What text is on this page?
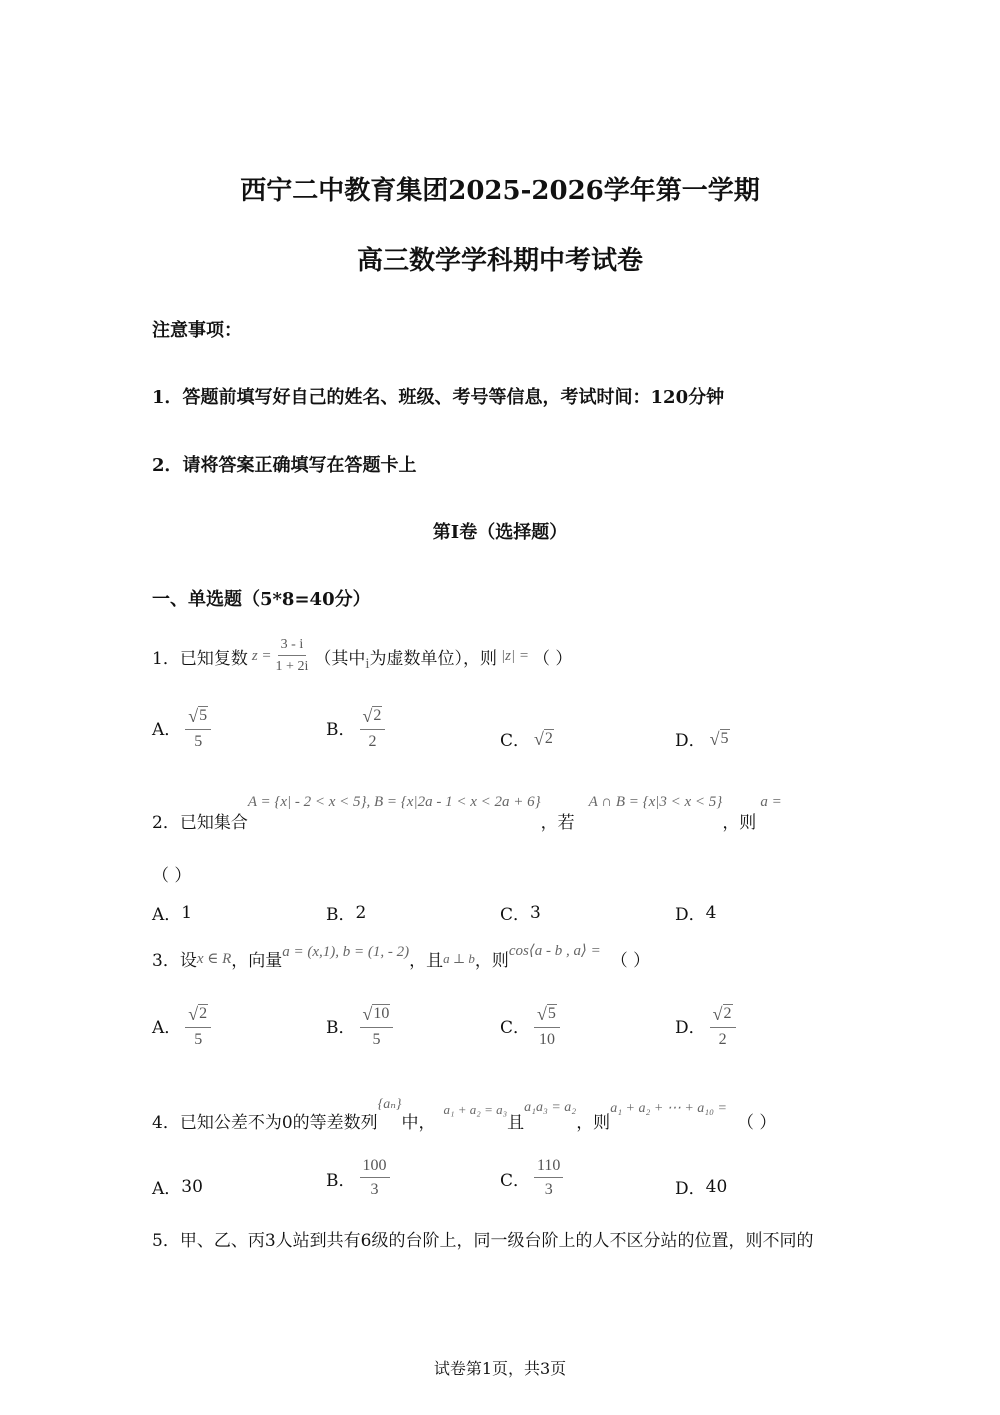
西宁二中教育集团2025-2026学年第一学期
高三数学学科期中考试卷
注意事项：
1．答题前填写好自己的姓名、班级、考号等信息，考试时间：120分钟
2．请将答案正确填写在答题卡上
第I卷（选择题）
一、单选题（5*8=40分）
1．已知复数 $z = \frac{3 - i}{1 + 2i}$ （其中 i 为虚数单位），则 |z| = （ ）
A． $\frac{√ 5}{5}$	B． $\frac{√ 2}{2}$	C． √ 2	D． √ 5
2．已知集合
A = {x| - 2 < x < 5}, B = {x|2a - 1 < x < 2a + 6}
，若
A ∩ B = {x|3 < x < 5}
，则
a =
（ ）
A． 1	B． 2	C． 3	D． 4
3．设 x ∈ R ，向量 a = (x,1), b = (1, - 2) ，且 a ⊥ b ，则 cos⟨a - b , a⟩ = （ ）
A． $\frac{√ 2}{5}$	B． $\frac{√ 10}{5}$	C． $\frac{√ 5}{10}$	D． $\frac{√ 2}{2}$
4．已知公差不为0的等差数列
{aₙ}
中，
a₁ + a₂ = a₃
且
a₁a₃ = a₂
，则
a₁ + a₂ + ⋯ + a₁₀ =
（ ）
A． 30	B． $\frac{100}{3}$	C． $\frac{110}{3}$	D． 40
5．甲、乙、丙3人站到共有6级的台阶上，同一级台阶上的人不区分站的位置，则不同的
试卷第1页，共3页
